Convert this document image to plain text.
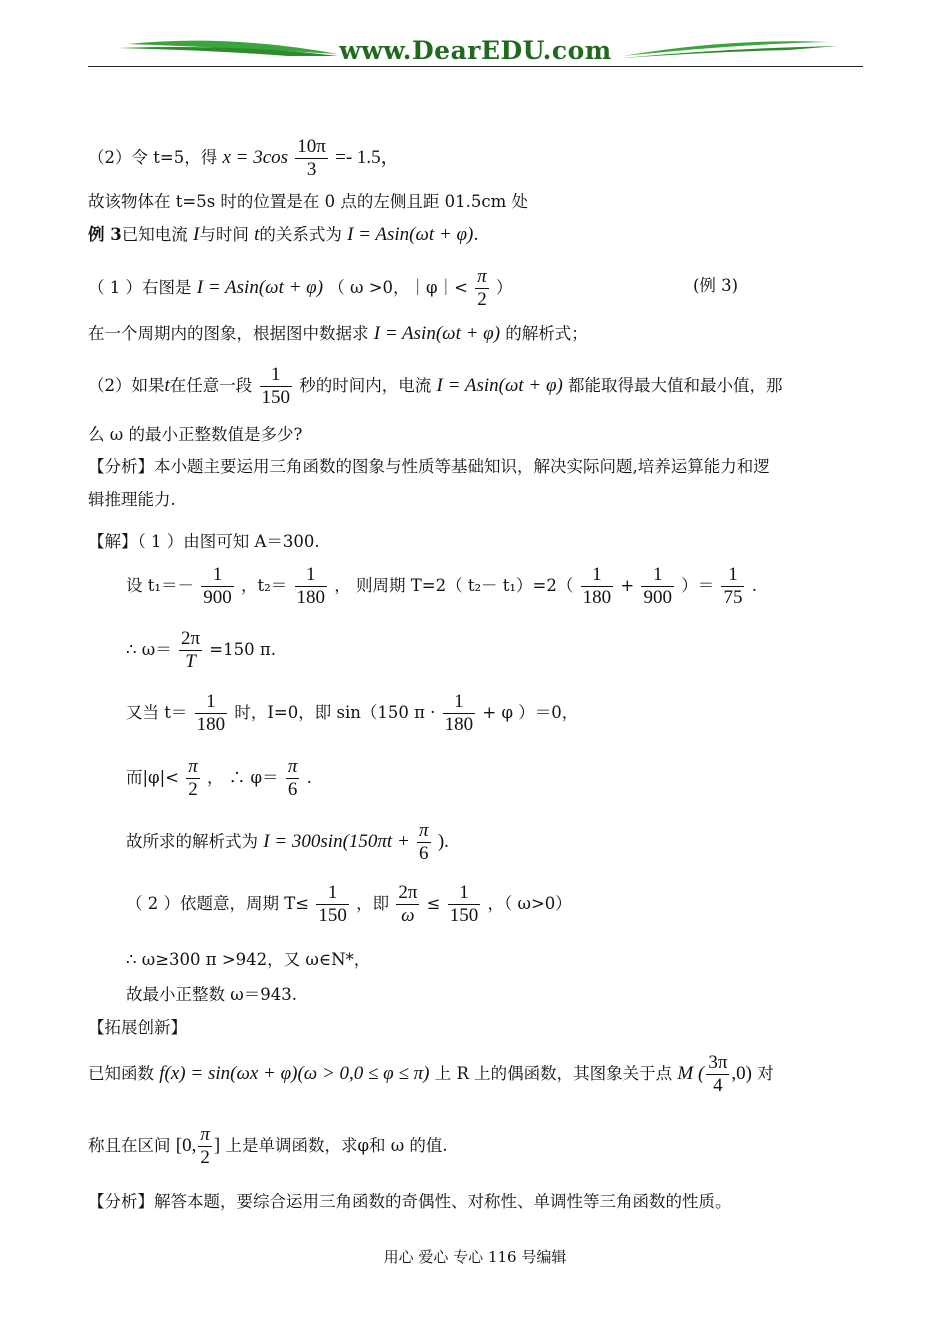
www.DearEDU.com
（2）令 t=5，得 $x = 3\cos \frac{10\pi}{3} =- 1.5$，
故该物体在 t=5s 时的位置是在 0 点的左侧且距 01.5cm 处
例 3已知电流 I与时间 t的关系式为 I = Asin(ωt + φ).
（ 1 ）右图是 I = Asin(ωt + φ) （ ω >0，｜φ｜< $\frac{\pi}{2}$ ）	(例 3)
在一个周期内的图象，根据图中数据求 I = Asin(ωt + φ) 的解析式；
（2）如果t在任意一段 $\frac{1}{150}$ 秒的时间内，电流 I = Asin(ωt + φ) 都能取得最大值和最小值，那
么 ω 的最小正整数值是多少?
【分析】本小题主要运用三角函数的图象与性质等基础知识，解决实际问题,培养运算能力和逻
辑推理能力.
【解】（ 1 ）由图可知 A＝300.
设 $t_1=- \frac{1}{900}$ ，$t_2= \frac{1}{180}$ ， 则周期 T=2（ $t_2- t_1)=2( \frac{1}{180} + \frac{1}{900}$ ）＝ $\frac{1}{75}$ .
∴ $\omega= \frac{2\pi}{T} =150$ π.
又当 $t= \frac{1}{180}$ 时，I=0，即 sin（150 $\pi \cdot \frac{1}{180} + \varphi$ ）＝0，
而$|\varphi|< \frac{\pi}{2}$ ， ∴ $\varphi= \frac{\pi}{6}$ .
故所求的解析式为 $I = 300\sin(150\pi t + \frac{\pi}{6}$ ).
（ 2 ）依题意，周期 $T\le \frac{1}{150}$ ，即 $\frac{2\pi}{\omega} \le \frac{1}{150}$ ，（ ω>0）
∴ ω≥300 π >942，又 ω∈N*，
故最小正整数 ω＝943.
【拓展创新】
已知函数 f(x) = sin(ωx + φ)(ω > 0,0 ≤ φ ≤ π) 上 R 上的偶函数，其图象关于点 M ( $\frac{3\pi}{4} ,0$) 对
称且在区间 [0, $\frac{\pi}{2}$ ] 上是单调函数，求φ和 ω 的值.
【分析】解答本题，要综合运用三角函数的奇偶性、对称性、单调性等三角函数的性质。
用心 爱心 专心 116 号编辑
